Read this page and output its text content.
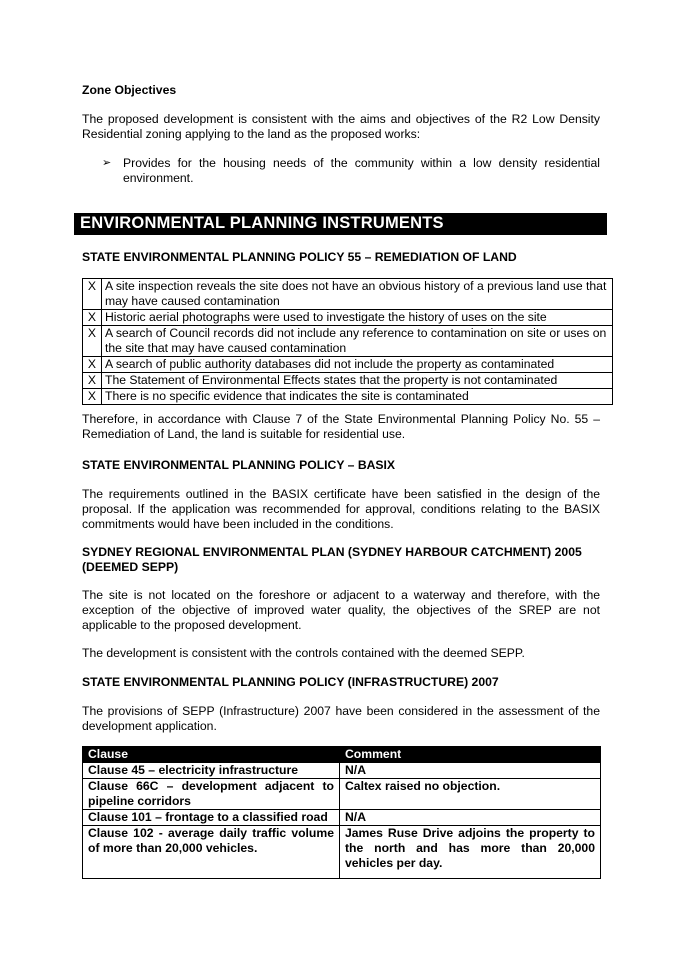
Zone Objectives

The proposed development is consistent with the aims and objectives of the R2 Low Density Residential zoning applying to the land as the proposed works:

➢ Provides for the housing needs of the community within a low density residential environment.

STATE ENVIRONMENTAL PLANNING POLICY 55 – REMEDIATION OF LAND

Therefore, in accordance with Clause 7 of the State Environmental Planning Policy No. 55 – Remediation of Land, the land is suitable for residential use.

STATE ENVIRONMENTAL PLANNING POLICY – BASIX

The requirements outlined in the BASIX certificate have been satisfied in the design of the proposal. If the application was recommended for approval, conditions relating to the BASIX commitments would have been included in the conditions.

SYDNEY REGIONAL ENVIRONMENTAL PLAN (SYDNEY HARBOUR CATCHMENT) 2005 (DEEMED SEPP)

The site is not located on the foreshore or adjacent to a waterway and therefore, with the exception of the objective of improved water quality, the objectives of the SREP are not applicable to the proposed development.

The development is consistent with the controls contained with the deemed SEPP.

STATE ENVIRONMENTAL PLANNING POLICY (INFRASTRUCTURE) 2007

The provisions of SEPP (Infrastructure) 2007 have been considered in the assessment of the development application.

ENVIRONMENTAL PLANNING INSTRUMENTS
X	A site inspection reveals the site does not have an obvious history of a previous land use that may have caused contamination
X	Historic aerial photographs were used to investigate the history of uses on the site
X	A search of Council records did not include any reference to contamination on site or uses on the site that may have caused contamination
X	A search of public authority databases did not include the property as contaminated
X	The Statement of Environmental Effects states that the property is not contaminated
X	There is no specific evidence that indicates the site is contaminated
Clause	Comment
Clause 45 – electricity infrastructure	N/A
Clause 66C – development adjacent to pipeline corridors	Caltex raised no objection.
Clause 101 – frontage to a classified road	N/A
Clause 102 - average daily traffic volume of more than 20,000 vehicles.	James Ruse Drive adjoins the property to the north and has more than 20,000 vehicles per day.
